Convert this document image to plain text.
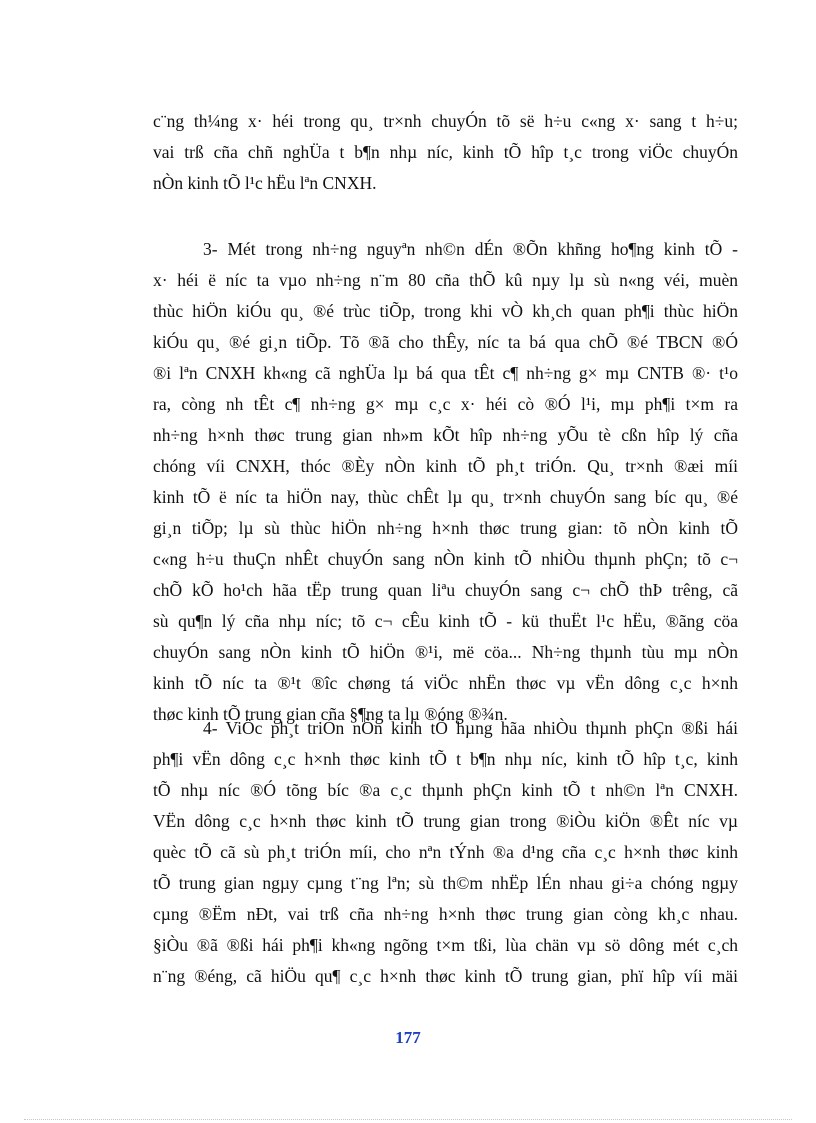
c¨ng th¼ng x· héi trong qu¸ tr×nh chuyÓn tõ së h÷u c«ng x· sang t h÷u;
vai trß cña chñ nghÜa t b¶n nhµ níc, kinh tÕ hîp t¸c trong viÖc chuyÓn
nÒn kinh tÕ l¹c hËu lªn CNXH.
3- Mét trong nh÷ng nguyªn nh©n dÉn ®Õn khñng ho¶ng kinh tÕ -
x· héi ë níc ta vµo nh÷ng n¨m 80 cña thÕ kû nµy lµ sù n«ng véi, muèn
thùc hiÖn kiÓu qu¸ ®é trùc tiÕp, trong khi vÒ kh¸ch quan ph¶i thùc hiÖn
kiÓu qu¸ ®é gi¸n tiÕp. Tõ ®ã cho thÊy, níc ta bá qua chÕ ®é TBCN ®Ó
®i lªn CNXH kh«ng cã nghÜa lµ bá qua tÊt c¶ nh÷ng g× mµ CNTB ®· t¹o
ra, còng nh tÊt c¶ nh÷ng g× mµ c¸c x· héi cò ®Ó l¹i, mµ ph¶i t×m ra
nh÷ng h×nh thøc trung gian nh»m kÕt hîp nh÷ng yÕu tè cßn hîp lý cña
chóng víi CNXH, thóc ®Èy nÒn kinh tÕ ph¸t triÓn. Qu¸ tr×nh ®æi míi
kinh tÕ ë níc ta hiÖn nay, thùc chÊt lµ qu¸ tr×nh chuyÓn sang bíc qu¸ ®é
gi¸n tiÕp; lµ sù thùc hiÖn nh÷ng h×nh thøc trung gian: tõ nÒn kinh tÕ
c«ng h÷u thuÇn nhÊt chuyÓn sang nÒn kinh tÕ nhiÒu thµnh phÇn; tõ c¬
chÕ kÕ ho¹ch hãa tËp trung quan liªu chuyÓn sang c¬ chÕ thÞ trêng, cã
sù qu¶n lý cña nhµ níc; tõ c¬ cÊu kinh tÕ - kü thuËt l¹c hËu, ®ãng cöa
chuyÓn sang nÒn kinh tÕ hiÖn ®¹i, më cöa... Nh÷ng thµnh tùu mµ nÒn
kinh tÕ níc ta ®¹t ®îc chøng tá viÖc nhËn thøc vµ vËn dông c¸c h×nh
thøc kinh tÕ trung gian cña §¶ng ta lµ ®óng ®¾n.
4- ViÖc ph¸t triÓn nÒn kinh tÕ hµng hãa nhiÒu thµnh phÇn ®ßi hái
ph¶i vËn dông c¸c h×nh thøc kinh tÕ t b¶n nhµ níc, kinh tÕ hîp t¸c, kinh
tÕ nhµ níc ®Ó tõng bíc ®a c¸c thµnh phÇn kinh tÕ t nh©n lªn CNXH.
VËn dông c¸c h×nh thøc kinh tÕ trung gian trong ®iÒu kiÖn ®Êt níc vµ
quèc tÕ cã sù ph¸t triÓn míi, cho nªn tÝnh ®a d¹ng cña c¸c h×nh thøc kinh
tÕ trung gian ngµy cµng t¨ng lªn; sù th©m nhËp lÉn nhau gi÷a chóng ngµy
cµng ®Ëm nÐt, vai trß cña nh÷ng h×nh thøc trung gian còng kh¸c nhau.
§iÒu ®ã ®ßi hái ph¶i kh«ng ngõng t×m tßi, lùa chän vµ sö dông mét c¸ch
n¨ng ®éng, cã hiÖu qu¶ c¸c h×nh thøc kinh tÕ trung gian, phï hîp víi mäi
177
